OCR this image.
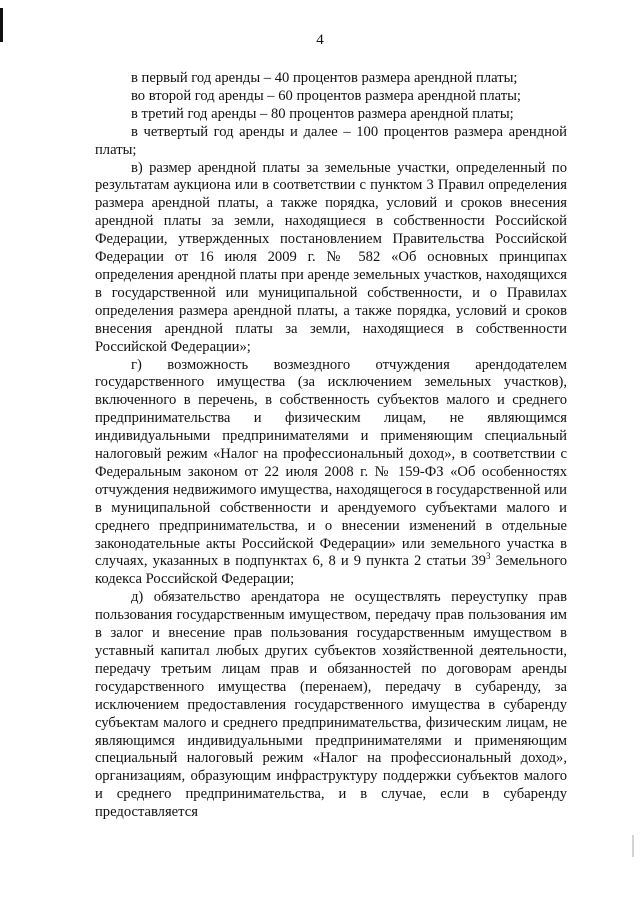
4

в первый год аренды – 40 процентов размера арендной платы;

во второй год аренды – 60 процентов размера арендной платы;

в третий год аренды – 80 процентов размера арендной платы;

в четвертый год аренды и далее – 100 процентов размера арендной платы;

в) размер арендной платы за земельные участки, определенный по результатам аукциона или в соответствии с пунктом 3 Правил определения размера арендной платы, а также порядка, условий и сроков внесения арендной платы за земли, находящиеся в собственности Российской Федерации, утвержденных постановлением Правительства Российской Федерации от 16 июля 2009 г. № 582 «Об основных принципах определения арендной платы при аренде земельных участков, находящихся в государственной или муниципальной собственности, и о Правилах определения размера арендной платы, а также порядка, условий и сроков внесения арендной платы за земли, находящиеся в собственности Российской Федерации»;

г) возможность возмездного отчуждения арендодателем государственного имущества (за исключением земельных участков), включенного в перечень, в собственность субъектов малого и среднего предпринимательства и физическим лицам, не являющимся индивидуальными предпринимателями и применяющим специальный налоговый режим «Налог на профессиональный доход», в соответствии с Федеральным законом от 22 июля 2008 г. № 159-ФЗ «Об особенностях отчуждения недвижимого имущества, находящегося в государственной или в муниципальной собственности и арендуемого субъектами малого и среднего предпринимательства, и о внесении изменений в отдельные законодательные акты Российской Федерации» или земельного участка в случаях, указанных в подпунктах 6, 8 и 9 пункта 2 статьи $39^3$ Земельного кодекса Российской Федерации;

д) обязательство арендатора не осуществлять переуступку прав пользования государственным имуществом, передачу прав пользования им в залог и внесение прав пользования государственным имуществом в уставный капитал любых других субъектов хозяйственной деятельности, передачу третьим лицам прав и обязанностей по договорам аренды государственного имущества (перенаем), передачу в субаренду, за исключением предоставления государственного имущества в субаренду субъектам малого и среднего предпринимательства, физическим лицам, не являющимся индивидуальными предпринимателями и применяющим специальный налоговый режим «Налог на профессиональный доход», организациям, образующим инфраструктуру поддержки субъектов малого и среднего предпринимательства, и в случае, если в субаренду предоставляется
